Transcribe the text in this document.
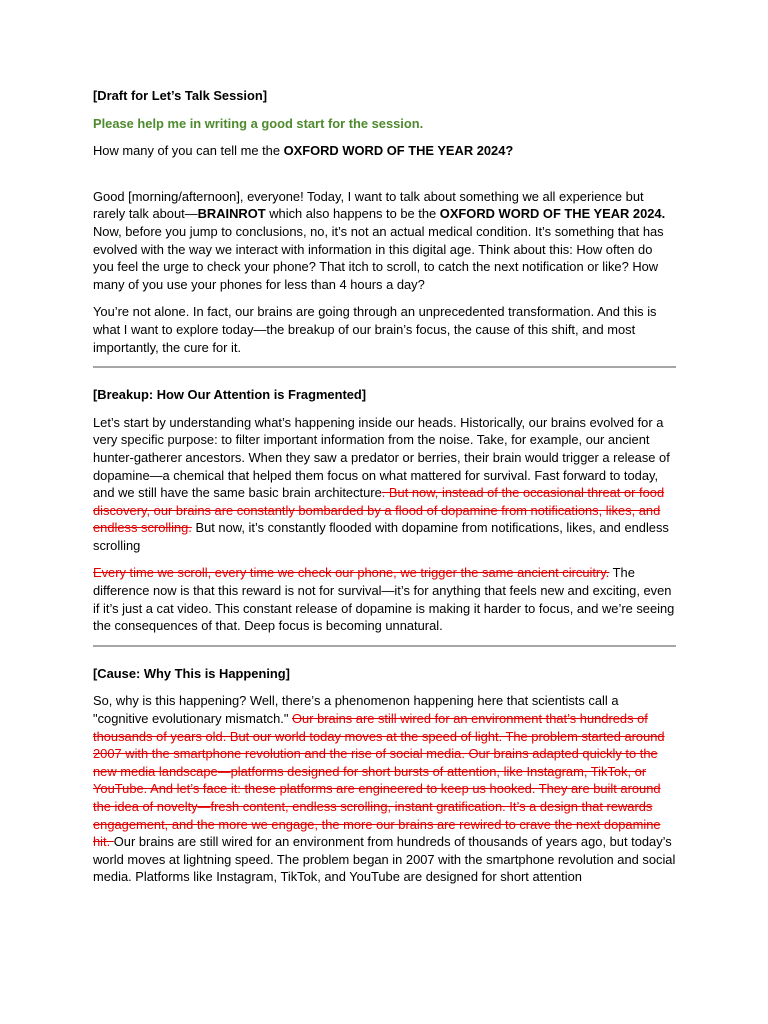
[Draft for Let’s Talk Session]

Please help me in writing a good start for the session.

How many of you can tell me the OXFORD WORD OF THE YEAR 2024?

Good [morning/afternoon], everyone! Today, I want to talk about something we all experience but rarely talk about—BRAINROT which also happens to be the OXFORD WORD OF THE YEAR 2024. Now, before you jump to conclusions, no, it’s not an actual medical condition. It’s something that has evolved with the way we interact with information in this digital age. Think about this: How often do you feel the urge to check your phone? That itch to scroll, to catch the next notification or like? How many of you use your phones for less than 4 hours a day?

You’re not alone. In fact, our brains are going through an unprecedented transformation. And this is what I want to explore today—the breakup of our brain’s focus, the cause of this shift, and most importantly, the cure for it.

[Breakup: How Our Attention is Fragmented]

Let’s start by understanding what’s happening inside our heads. Historically, our brains evolved for a very specific purpose: to filter important information from the noise. Take, for example, our ancient hunter-gatherer ancestors. When they saw a predator or berries, their brain would trigger a release of dopamine—a chemical that helped them focus on what mattered for survival. Fast forward to today, and we still have the same basic brain architecture. But now, instead of the occasional threat or food discovery, our brains are constantly bombarded by a flood of dopamine from notifications, likes, and endless scrolling. But now, it’s constantly flooded with dopamine from notifications, likes, and endless scrolling

Every time we scroll, every time we check our phone, we trigger the same ancient circuitry. The difference now is that this reward is not for survival—it’s for anything that feels new and exciting, even if it’s just a cat video. This constant release of dopamine is making it harder to focus, and we’re seeing the consequences of that. Deep focus is becoming unnatural.

[Cause: Why This is Happening]

So, why is this happening? Well, there’s a phenomenon happening here that scientists call a "cognitive evolutionary mismatch." Our brains are still wired for an environment that’s hundreds of thousands of years old. But our world today moves at the speed of light. The problem started around 2007 with the smartphone revolution and the rise of social media. Our brains adapted quickly to the new media landscape—platforms designed for short bursts of attention, like Instagram, TikTok, or YouTube. And let’s face it: these platforms are engineered to keep us hooked. They are built around the idea of novelty—fresh content, endless scrolling, instant gratification. It’s a design that rewards engagement, and the more we engage, the more our brains are rewired to crave the next dopamine hit. Our brains are still wired for an environment from hundreds of thousands of years ago, but today’s world moves at lightning speed. The problem began in 2007 with the smartphone revolution and social media. Platforms like Instagram, TikTok, and YouTube are designed for short attention
